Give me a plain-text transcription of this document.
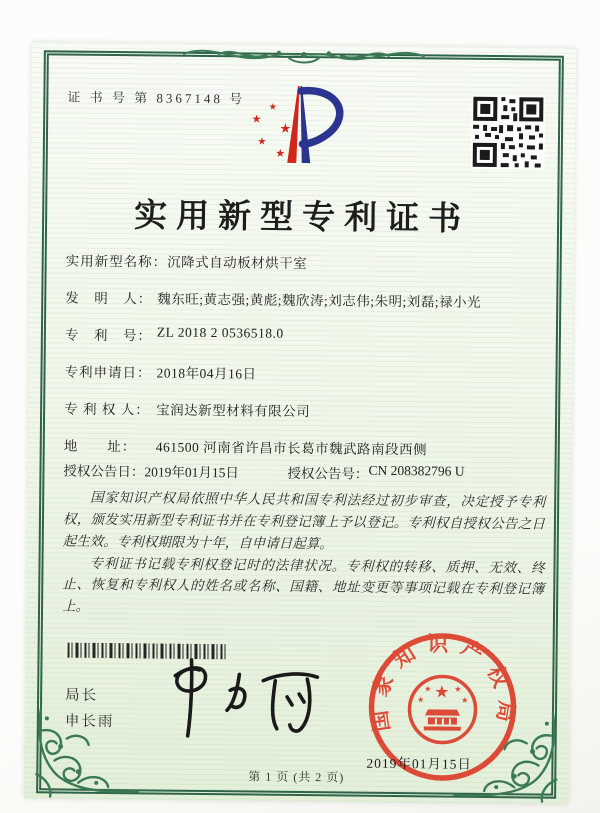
证 书 号 第 8367148 号
★
★
★
★
★
实用新型专利证书
实用新型名称： 沉降式自动板材烘干室
发　明　人： 魏东旺;黄志强;黄彪;魏欣涛;刘志伟;朱明;刘磊;禄小光
专　利　号： ZL 2018 2 0536518.0
专利申请日： 2018年04月16日
专 利 权 人： 宝润达新型材料有限公司
地　　址：	461500 河南省许昌市长葛市魏武路南段西侧
授权公告日： 2019年01月15日	授权公告号： CN 208382796 U

国家知识产权局依照中华人民共和国专利法经过初步审查，决定授予专利权，颁发实用新型专利证书并在专利登记簿上予以登记。专利权自授权公告之日起生效。专利权期限为十年，自申请日起算。

专利证书记载专利权登记时的法律状况。专利权的转移、质押、无效、终止、恢复和专利权人的姓名或名称、国籍、地址变更等事项记载在专利登记簿上。

局长
申长雨	国家知识产权局
★
★
★	★
★
2019年01月15日
第 1 页 (共 2 页)
